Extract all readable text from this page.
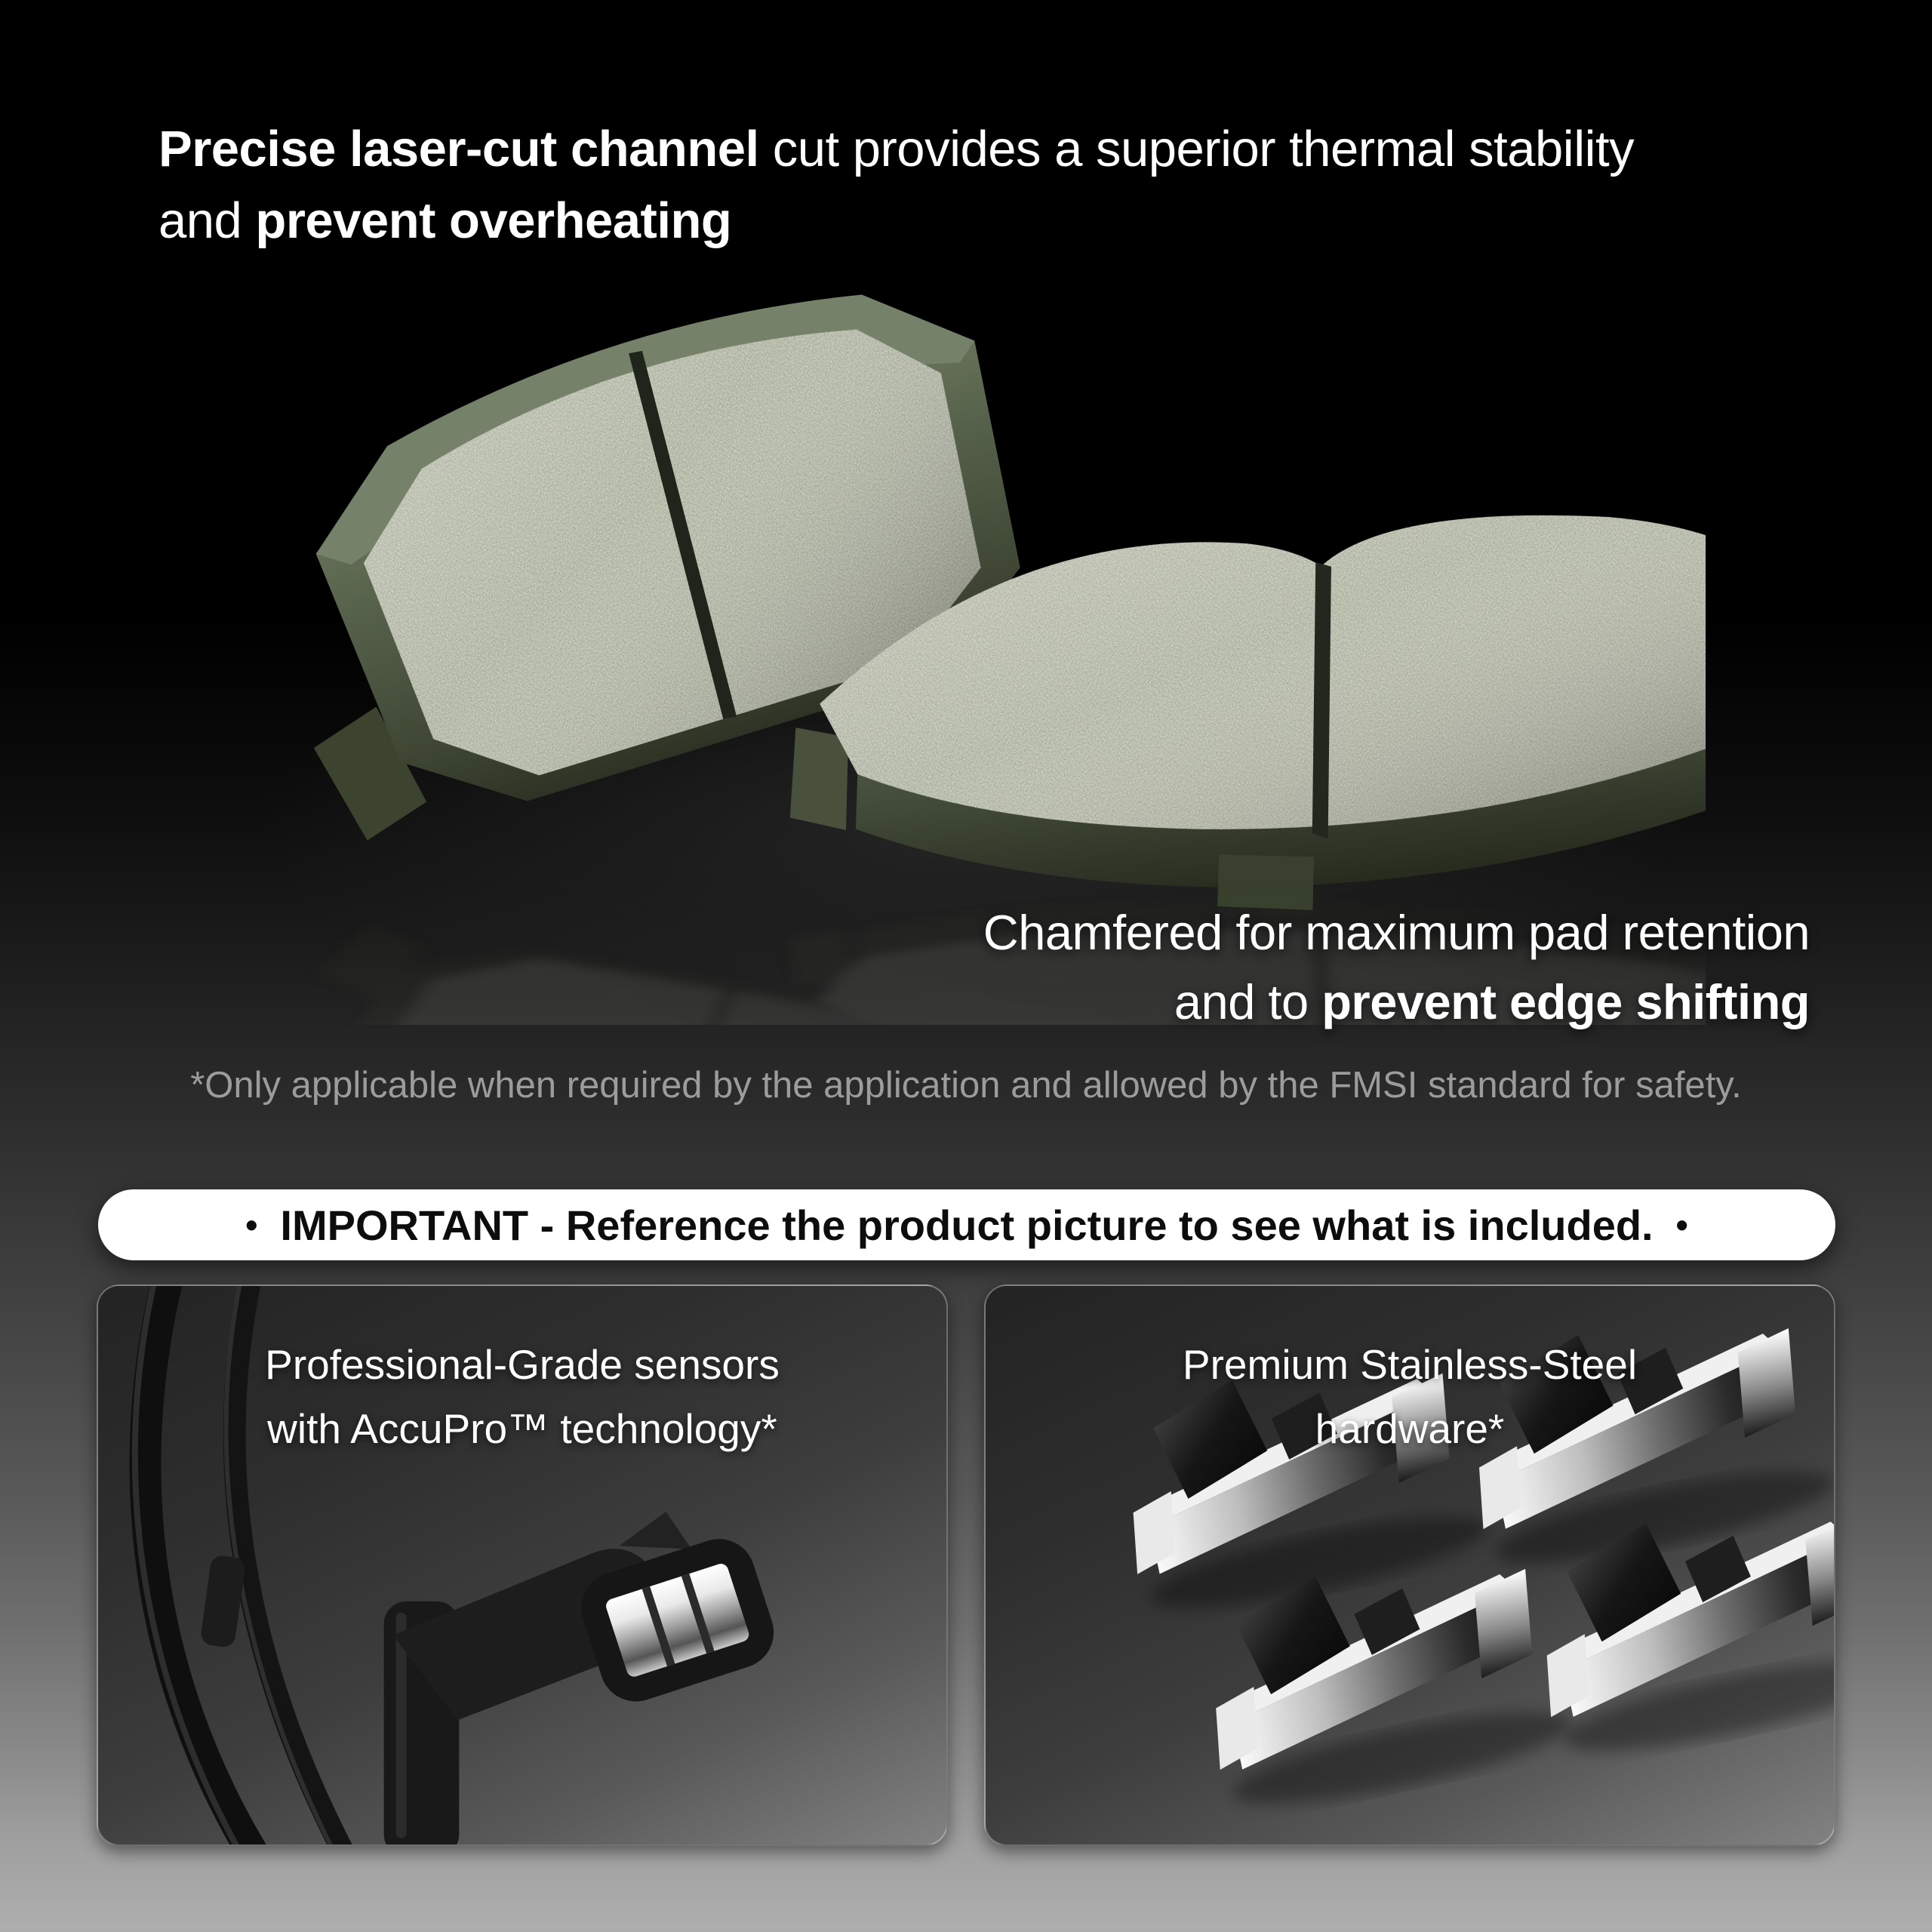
Precise laser-cut channel cut provides a superior thermal stability
and prevent overheating
Chamfered for maximum pad retention
and to prevent edge shifting
*Only applicable when required by the application and allowed by the FMSI standard for safety.
• IMPORTANT - Reference the product picture to see what is included. •
Professional-Grade sensors
with AccuPro™ technology*
Premium Stainless-Steel
hardware*
